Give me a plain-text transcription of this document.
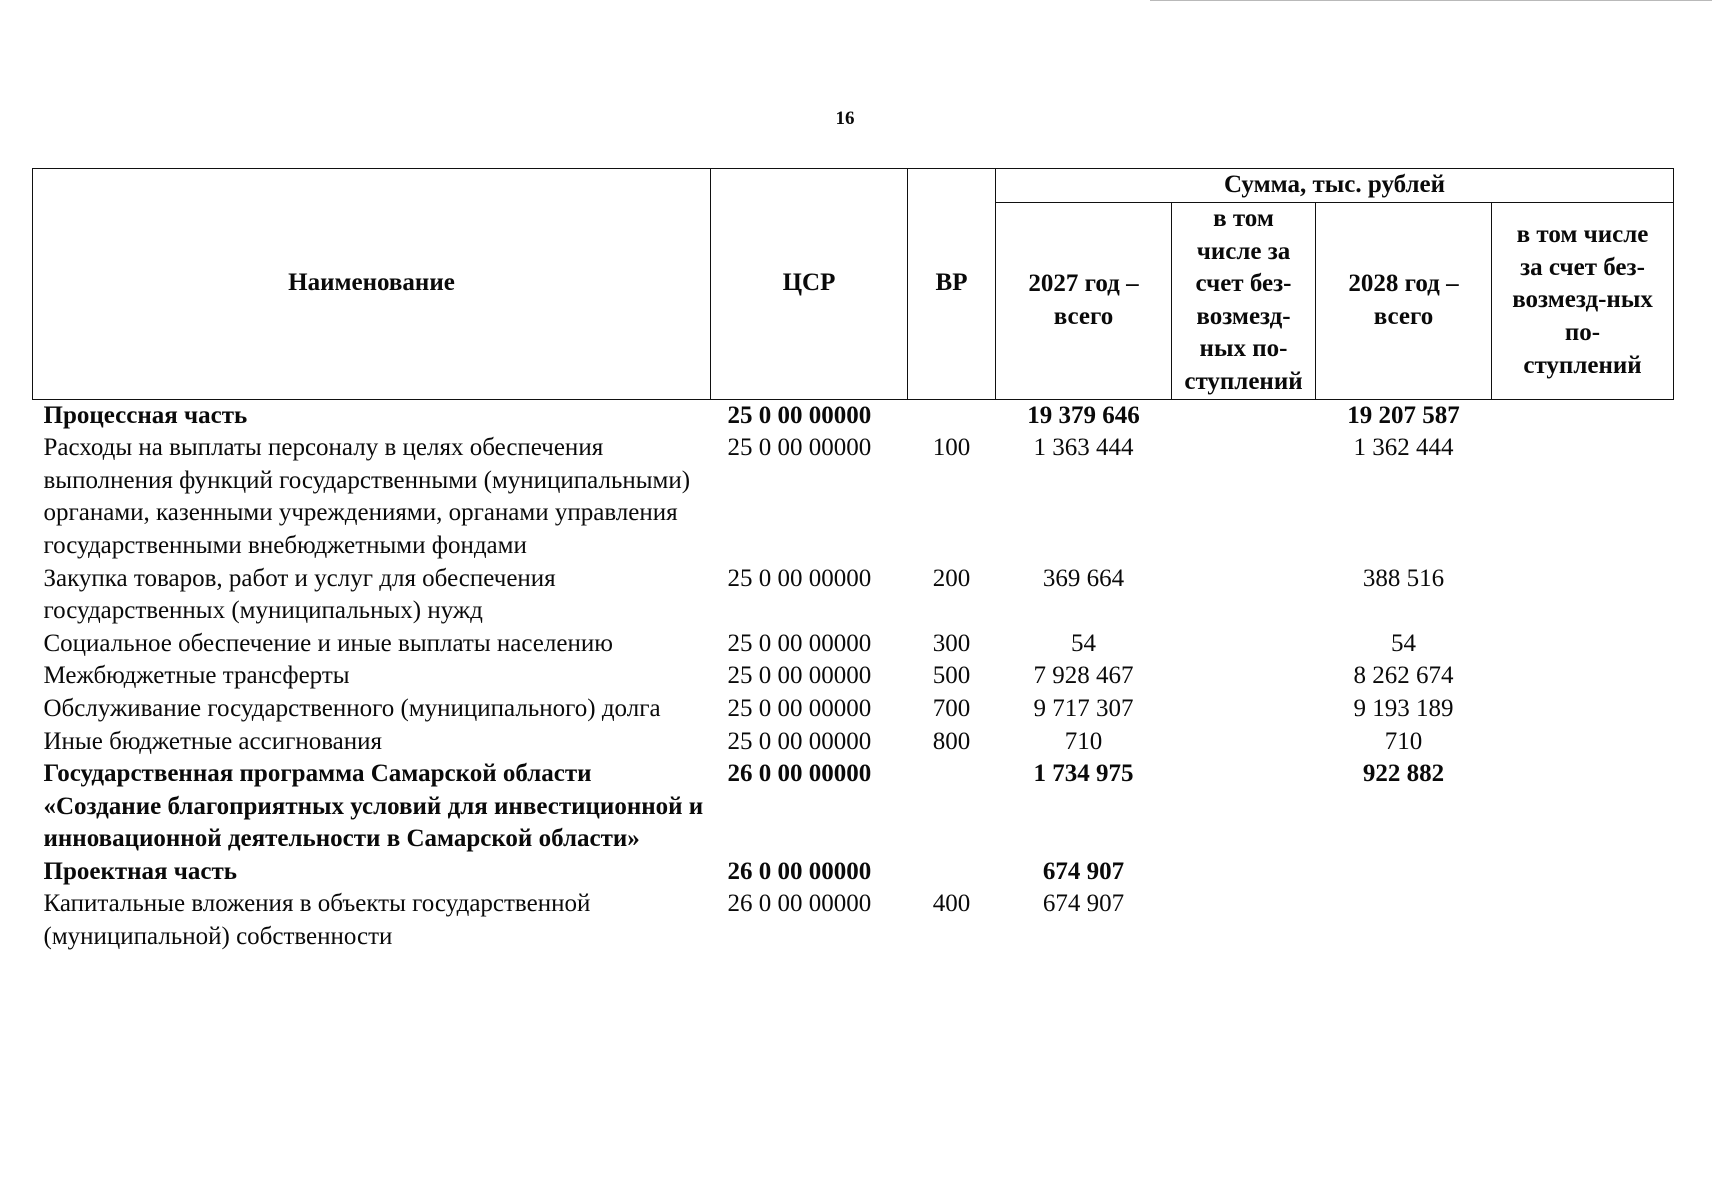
16
Наименование	ЦСР	ВР	Сумма, тыс. рублей			
			2027 год – всего	в том числе за счет без-возмезд-ных по-ступлений	2028 год – всего	в том числе за счет без-возмезд-ных по-ступлений
Процессная часть	25 0 00 00000		19 379 646		19 207 587	
Расходы на выплаты персоналу в целях обеспечения выполнения функций государственными (муниципальными) органами, казенными учреждениями, органами управления государственными внебюджетными фондами	25 0 00 00000	100	1 363 444		1 362 444	
Закупка товаров, работ и услуг для обеспечения государственных (муниципальных) нужд	25 0 00 00000	200	369 664		388 516	
Социальное обеспечение и иные выплаты населению	25 0 00 00000	300	54		54	
Межбюджетные трансферты	25 0 00 00000	500	7 928 467		8 262 674	
Обслуживание государственного (муниципального) долга	25 0 00 00000	700	9 717 307		9 193 189	
Иные бюджетные ассигнования	25 0 00 00000	800	710		710	
Государственная программа Самарской области «Создание благоприятных условий для инвестиционной и инновационной деятельности в Самарской области»	26 0 00 00000		1 734 975		922 882	
Проектная часть	26 0 00 00000		674 907			
Капитальные вложения в объекты государственной (муниципальной) собственности	26 0 00 00000	400	674 907			
